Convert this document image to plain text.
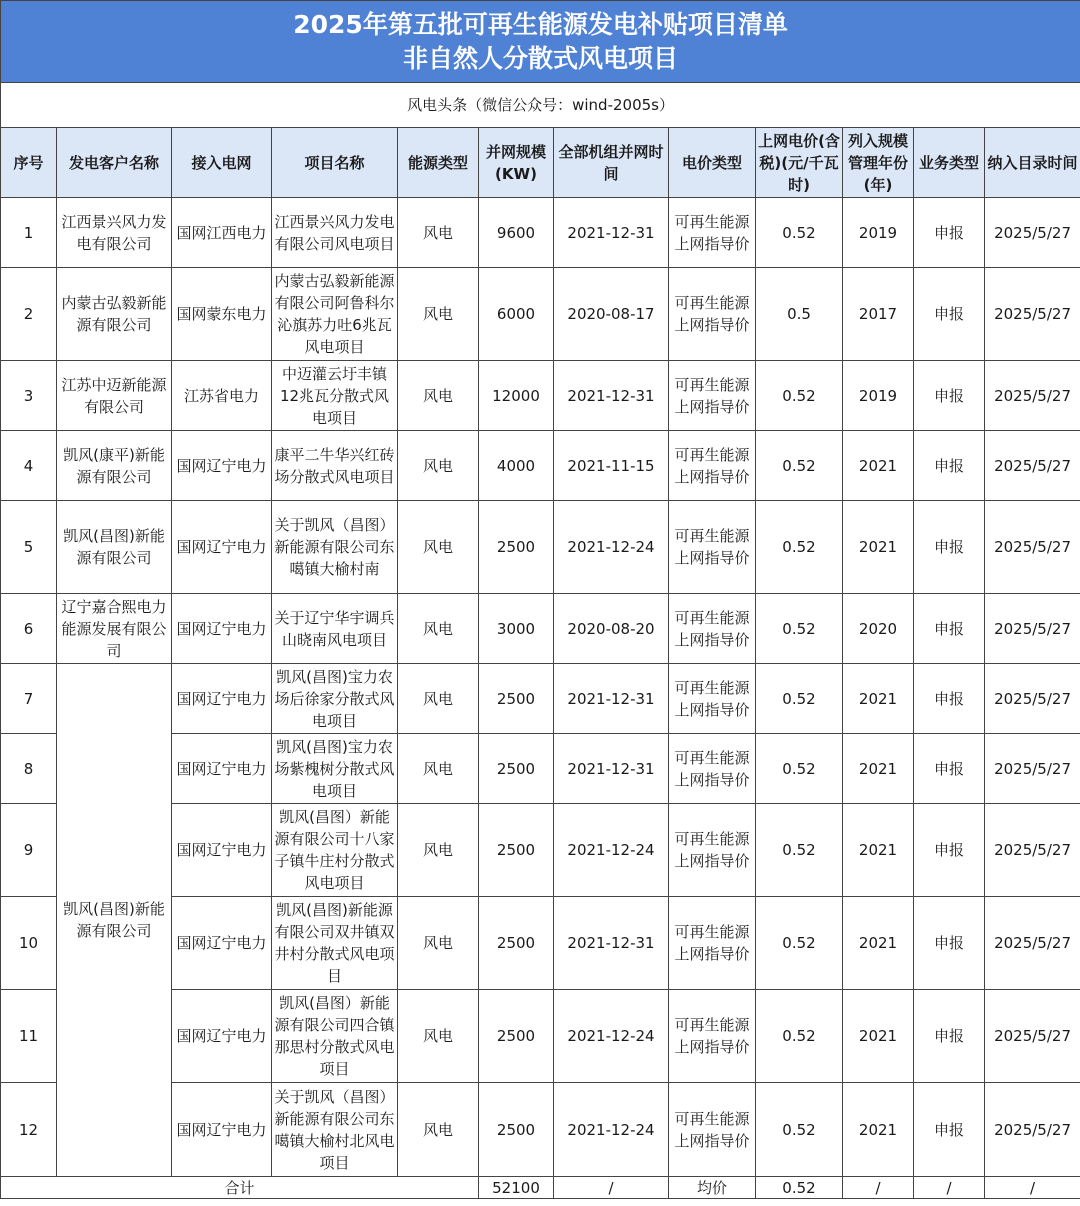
2025年第五批可再生能源发电补贴项目清单
非自然人分散式风电项目											

风电头条（微信公众号：wind-2005s）											
序号	发电客户名称	接入电网	项目名称	能源类型	并网规模(KW)	全部机组并网时间	电价类型	上网电价(含税)(元/千瓦时)	列入规模管理年份(年)	业务类型	纳入目录时间
1	江西景兴风力发电有限公司	国网江西电力	江西景兴风力发电有限公司风电项目	风电	9600	2021-12-31	可再生能源上网指导价	0.52	2019	申报	2025/5/27
2	内蒙古弘毅新能源有限公司	国网蒙东电力	内蒙古弘毅新能源有限公司阿鲁科尔沁旗苏力吐6兆瓦风电项目	风电	6000	2020-08-17	可再生能源上网指导价	0.5	2017	申报	2025/5/27
3	江苏中迈新能源有限公司	江苏省电力	中迈灌云圩丰镇12兆瓦分散式风电项目	风电	12000	2021-12-31	可再生能源上网指导价	0.52	2019	申报	2025/5/27
4	凯风(康平)新能源有限公司	国网辽宁电力	康平二牛华兴红砖场分散式风电项目	风电	4000	2021-11-15	可再生能源上网指导价	0.52	2021	申报	2025/5/27
5	凯风(昌图)新能源有限公司	国网辽宁电力	关于凯风（昌图）新能源有限公司东噶镇大榆村南	风电	2500	2021-12-24	可再生能源上网指导价	0.52	2021	申报	2025/5/27
6	辽宁嘉合熙电力能源发展有限公司	国网辽宁电力	关于辽宁华宇调兵山晓南风电项目	风电	3000	2020-08-20	可再生能源上网指导价	0.52	2020	申报	2025/5/27
7	凯风(昌图)新能源有限公司	国网辽宁电力	凯风(昌图)宝力农场后徐家分散式风电项目	风电	2500	2021-12-31	可再生能源上网指导价	0.52	2021	申报	2025/5/27
8		国网辽宁电力	凯风(昌图)宝力农场紫槐树分散式风电项目	风电	2500	2021-12-31	可再生能源上网指导价	0.52	2021	申报	2025/5/27
9		国网辽宁电力	凯风(昌图）新能源有限公司十八家子镇牛庄村分散式风电项目	风电	2500	2021-12-24	可再生能源上网指导价	0.52	2021	申报	2025/5/27
10		国网辽宁电力	凯风(昌图)新能源有限公司双井镇双井村分散式风电项目	风电	2500	2021-12-31	可再生能源上网指导价	0.52	2021	申报	2025/5/27
11		国网辽宁电力	凯风(昌图）新能源有限公司四合镇那思村分散式风电项目	风电	2500	2021-12-24	可再生能源上网指导价	0.52	2021	申报	2025/5/27
12		国网辽宁电力	关于凯风（昌图）新能源有限公司东噶镇大榆村北风电项目	风电	2500	2021-12-24	可再生能源上网指导价	0.52	2021	申报	2025/5/27
合计					52100	/	均价	0.52	/	/	/
